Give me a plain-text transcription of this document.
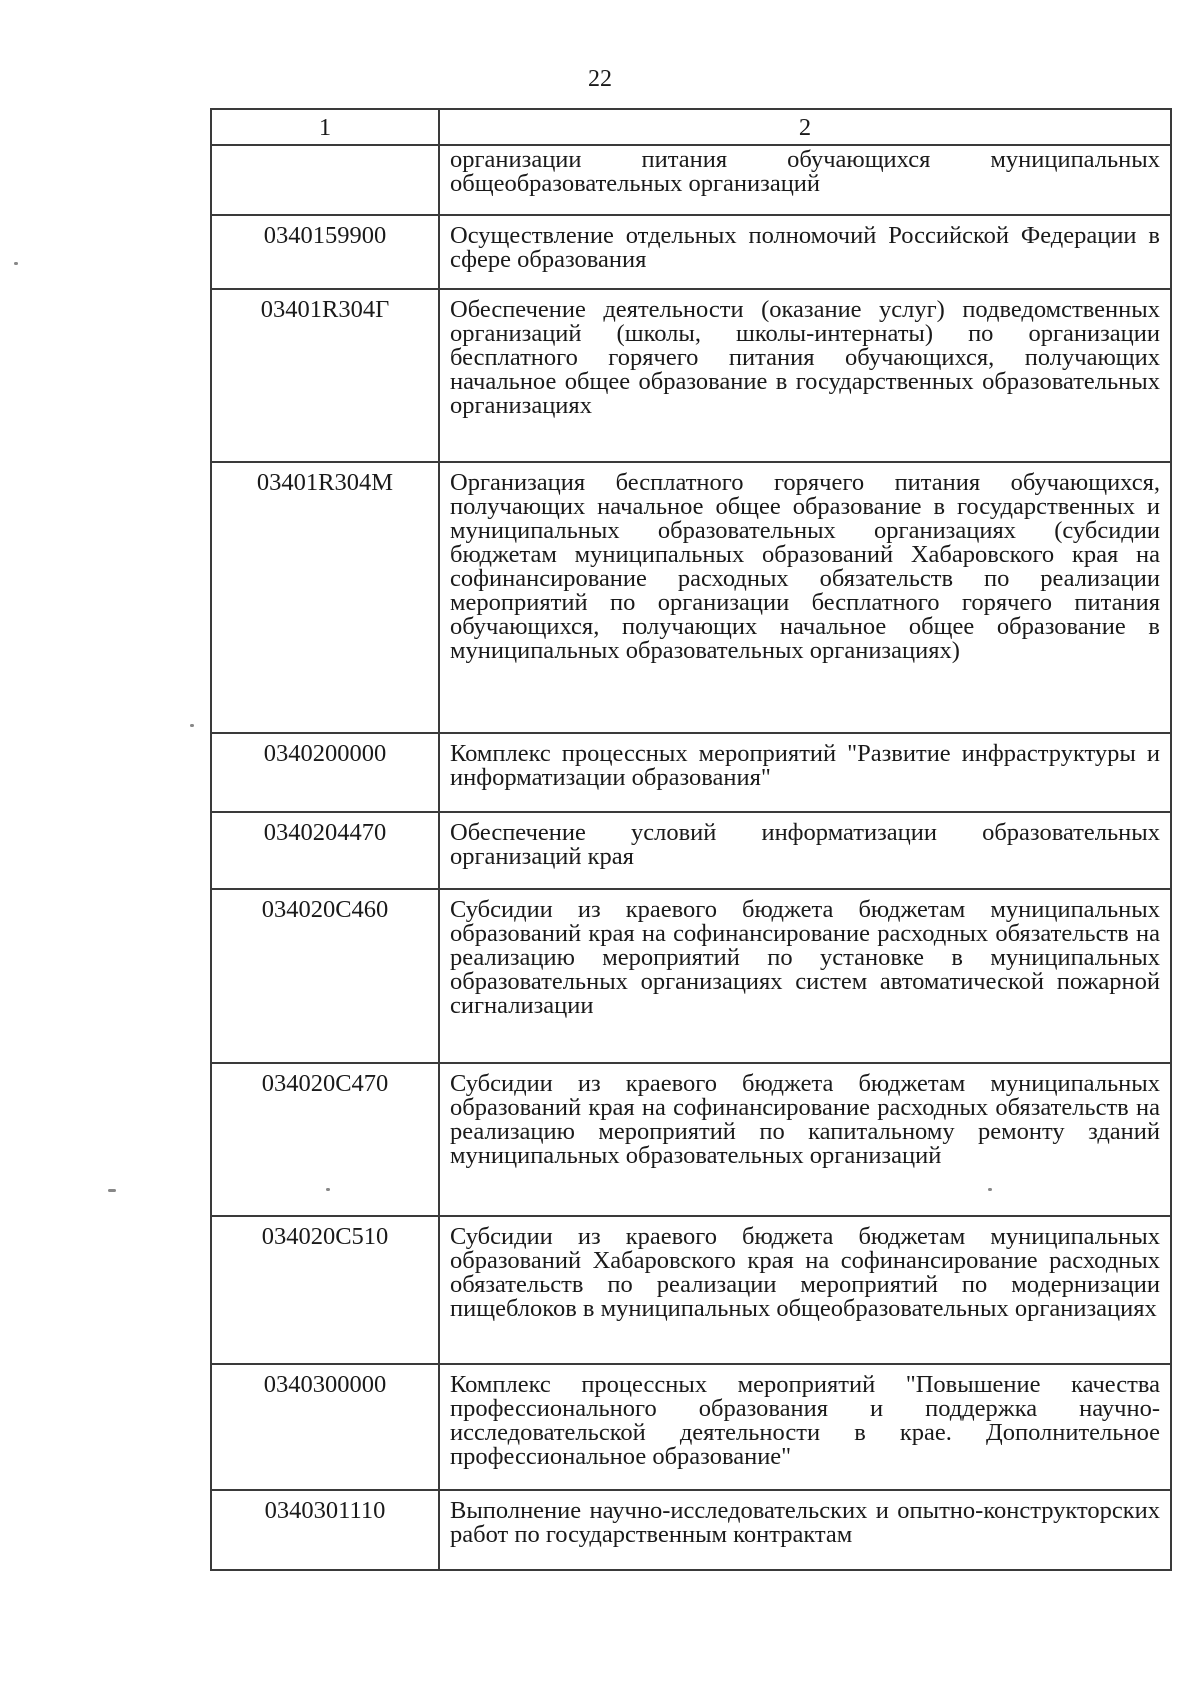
22
1	2
	организации питания обучающихся муниципальных общеобразовательных организаций
0340159900	Осуществление отдельных полномочий Российской Федерации в сфере образования
03401R304Г	Обеспечение деятельности (оказание услуг) подведомственных организаций (школы, школы-интернаты) по организации бесплатного горячего питания обучающихся, получающих начальное общее образование в государственных образовательных организациях
03401R304M	Организация бесплатного горячего питания обучающихся, получающих начальное общее образование в государственных и муниципальных образовательных организациях (субсидии бюджетам муниципальных образований Хабаровского края на софинансирование расходных обязательств по реализации мероприятий по организации бесплатного горячего питания обучающихся, получающих начальное общее образование в муниципальных образовательных организациях)
0340200000	Комплекс процессных мероприятий "Развитие инфраструктуры и информатизации образования"
0340204470	Обеспечение условий информатизации образовательных организаций края
034020C460	Субсидии из краевого бюджета бюджетам муниципальных образований края на софинансирование расходных обязательств на реализацию мероприятий по установке в муниципальных образовательных организациях систем автоматической пожарной сигнализации
034020C470	Субсидии из краевого бюджета бюджетам муниципальных образований края на софинансирование расходных обязательств на реализацию мероприятий по капитальному ремонту зданий муниципальных образовательных организаций
034020C510	Субсидии из краевого бюджета бюджетам муниципальных образований Хабаровского края на софинансирование расходных обязательств по реализации мероприятий по модернизации пищеблоков в муниципальных общеобразовательных организациях
0340300000	Комплекс процессных мероприятий "Повышение качества профессионального образования и поддержка научно-исследовательской деятельности в крае. Дополнительное профессиональное образование"
0340301110	Выполнение научно-исследовательских и опытно-конструкторских работ по государственным контрактам
